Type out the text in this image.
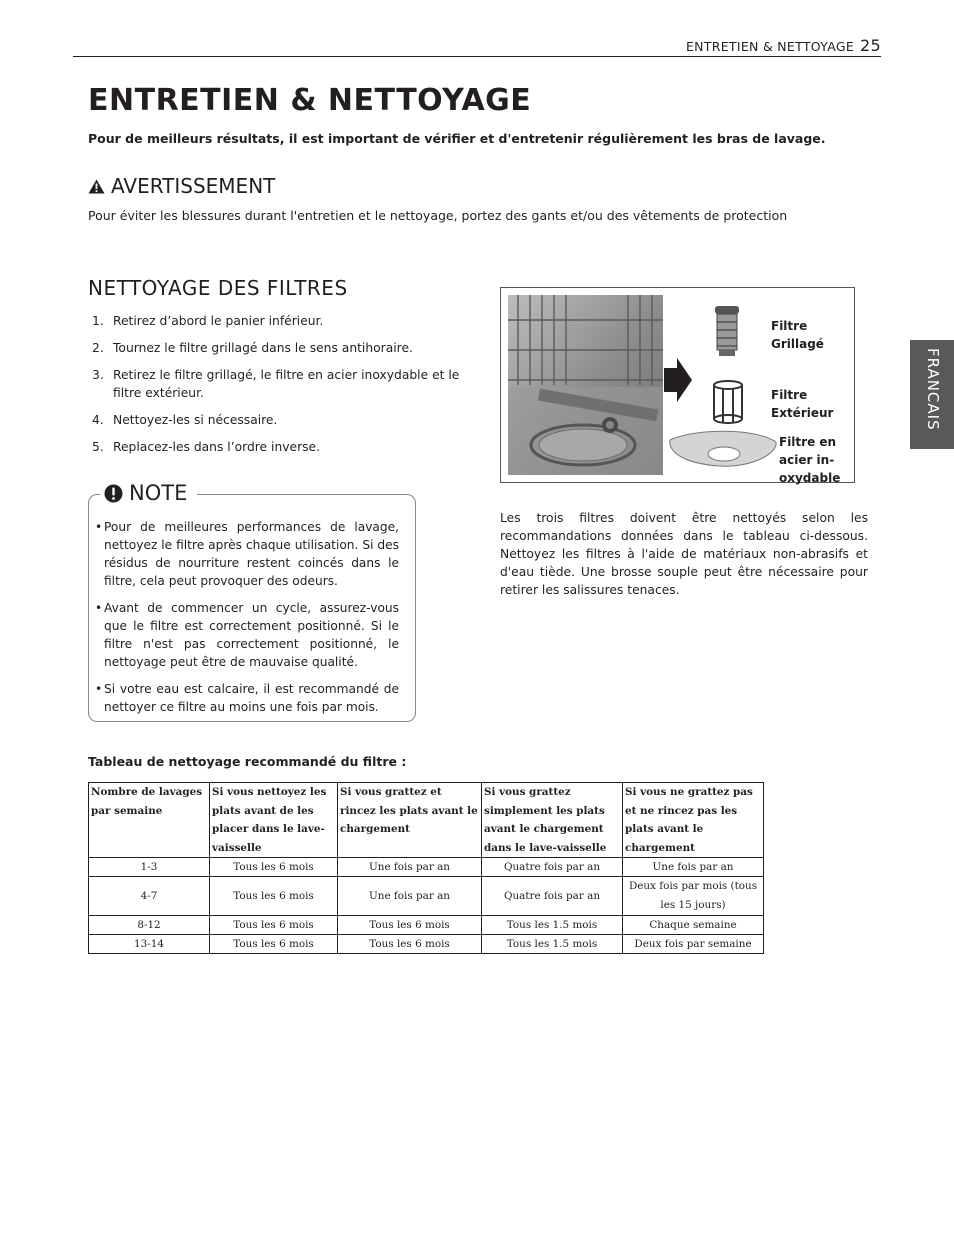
ENTRETIEN & NETTOYAGE 25
ENTRETIEN & NETTOYAGE
Pour de meilleurs résultats, il est important de vérifier et d'entretenir régulièrement les bras de lavage.
AVERTISSEMENT
Pour éviter les blessures durant l'entretien et le nettoyage, portez des gants et/ou des vêtements de protection
NETTOYAGE DES FILTRES
1. Retirez d’abord le panier inférieur.
2. Tournez le filtre grillagé dans le sens antihoraire.
3. Retirez le filtre grillagé, le filtre en acier inoxydable et le filtre extérieur.
4. Nettoyez-les si nécessaire.
5. Replacez-les dans l’ordre inverse.
NOTE
• Pour de meilleures performances de lavage, nettoyez le filtre après chaque utilisation. Si des résidus de nourriture restent coincés dans le filtre, cela peut provoquer des odeurs.
• Avant de commencer un cycle, assurez-vous que le filtre est correctement positionné. Si le filtre n'est pas correctement positionné, le nettoyage peut être de mauvaise qualité.
• Si votre eau est calcaire, il est recommandé de nettoyer ce filtre au moins une fois par mois.
Filtre
Grillagé
Filtre
Extérieur
Filtre en
acier in-
oxydable
Les trois filtres doivent être nettoyés selon les recommandations données dans le tableau ci-dessous. Nettoyez les filtres à l'aide de matériaux non-abrasifs et d'eau tiède. Une brosse souple peut être nécessaire pour retirer les salissures tenaces.
Tableau de nettoyage recommandé du filtre :
Nombre de lavages par semaine	Si vous nettoyez les plats avant de les placer dans le lave-vaisselle	Si vous grattez et rincez les plats avant le chargement	Si vous grattez simplement les plats avant le chargement dans le lave-vaisselle	Si vous ne grattez pas et ne rincez pas les plats avant le chargement
1-3	Tous les 6 mois	Une fois par an	Quatre fois par an	Une fois par an
4-7	Tous les 6 mois	Une fois par an	Quatre fois par an	Deux fois par mois (tous les 15 jours)
8-12	Tous les 6 mois	Tous les 6 mois	Tous les 1.5 mois	Chaque semaine
13-14	Tous les 6 mois	Tous les 6 mois	Tous les 1.5 mois	Deux fois par semaine
FRANCAIS
